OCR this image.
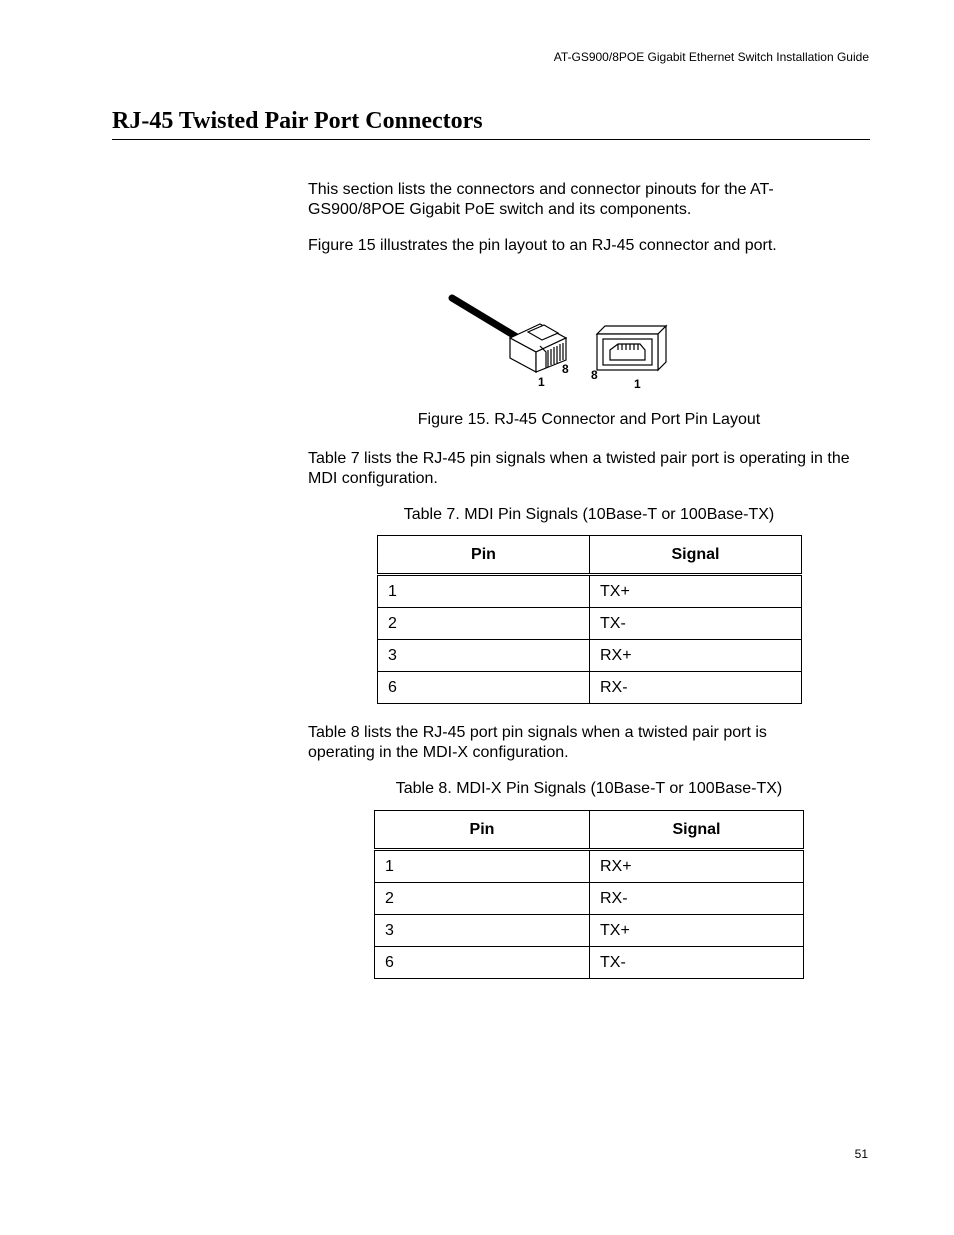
AT-GS900/8POE Gigabit Ethernet Switch Installation Guide
RJ-45 Twisted Pair Port Connectors

This section lists the connectors and connector pinouts for the AT-GS900/8POE Gigabit PoE switch and its components.

Figure 15 illustrates the pin layout to an RJ-45 connector and port.

1
8 8
1

Figure 15. RJ-45 Connector and Port Pin Layout

Table 7 lists the RJ-45 pin signals when a twisted pair port is operating in the MDI configuration.

Table 7. MDI Pin Signals (10Base-T or 100Base-TX)

Pin	Signal
1	TX+
2	TX-
3	RX+
6	RX-

Table 8 lists the RJ-45 port pin signals when a twisted pair port is operating in the MDI-X configuration.

Table 8. MDI-X Pin Signals (10Base-T or 100Base-TX)

Pin	Signal
1	RX+
2	RX-
3	TX+
6	TX-
51
